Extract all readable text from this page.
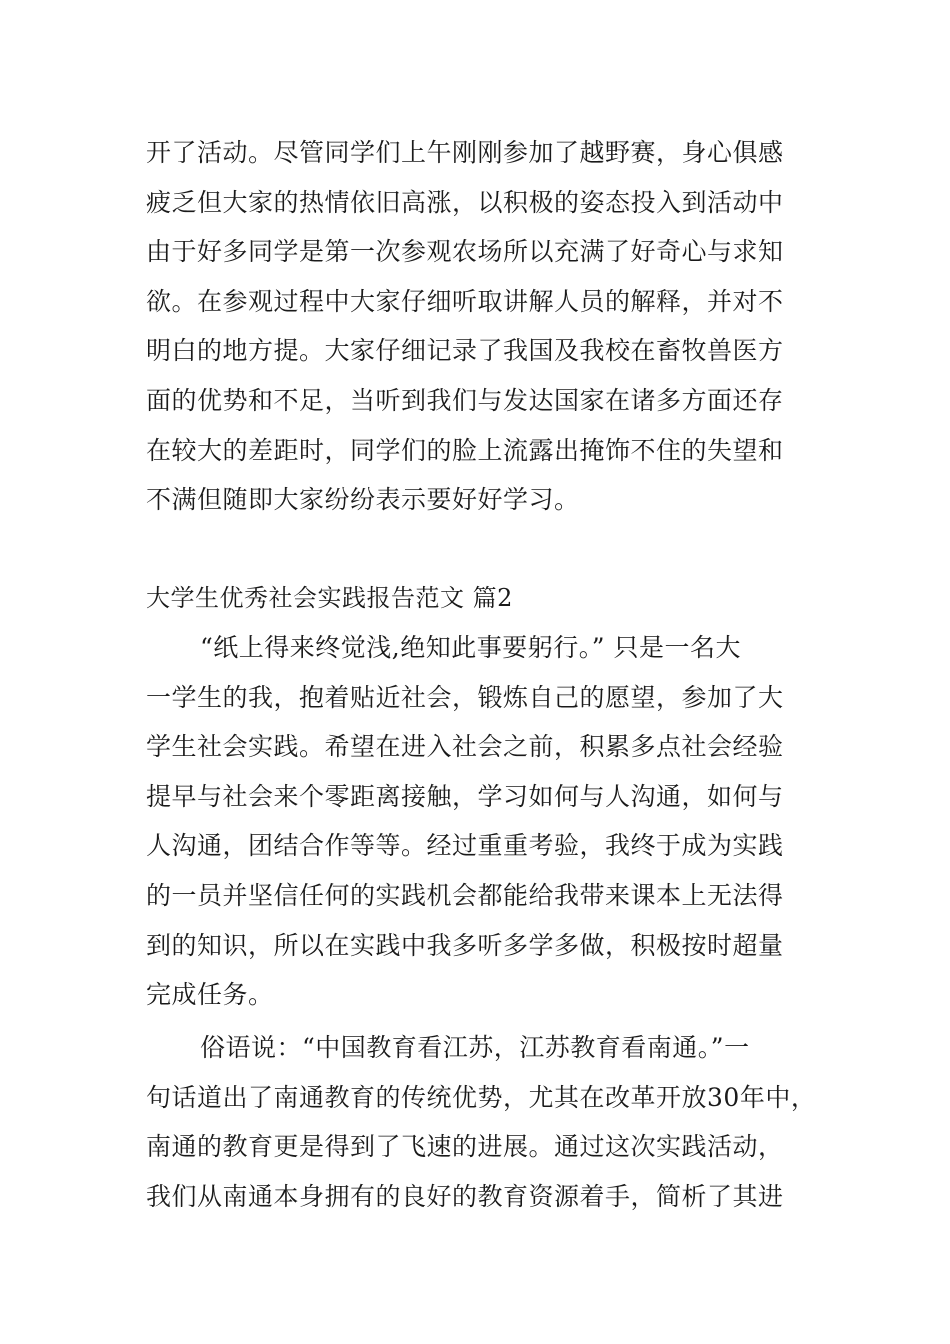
开了活动。尽管同学们上午刚刚参加了越野赛，身心俱感
疲乏但大家的热情依旧高涨，以积极的姿态投入到活动中
由于好多同学是第一次参观农场所以充满了好奇心与求知
欲。在参观过程中大家仔细听取讲解人员的解释，并对不
明白的地方提。大家仔细记录了我国及我校在畜牧兽医方
面的优势和不足，当听到我们与发达国家在诸多方面还存
在较大的差距时，同学们的脸上流露出掩饰不住的失望和
不满但随即大家纷纷表示要好好学习。
大学生优秀社会实践报告范文 篇2
“纸上得来终觉浅,绝知此事要躬行。” 只是一名大
一学生的我，抱着贴近社会，锻炼自己的愿望，参加了大
学生社会实践。希望在进入社会之前，积累多点社会经验
提早与社会来个零距离接触，学习如何与人沟通，如何与
人沟通，团结合作等等。经过重重考验，我终于成为实践
的一员并坚信任何的实践机会都能给我带来课本上无法得
到的知识，所以在实践中我多听多学多做，积极按时超量
完成任务。
俗语说：“中国教育看江苏，江苏教育看南通。”一
句话道出了南通教育的传统优势，尤其在改革开放30年中，
南通的教育更是得到了飞速的进展。通过这次实践活动，
我们从南通本身拥有的良好的教育资源着手，简析了其进
